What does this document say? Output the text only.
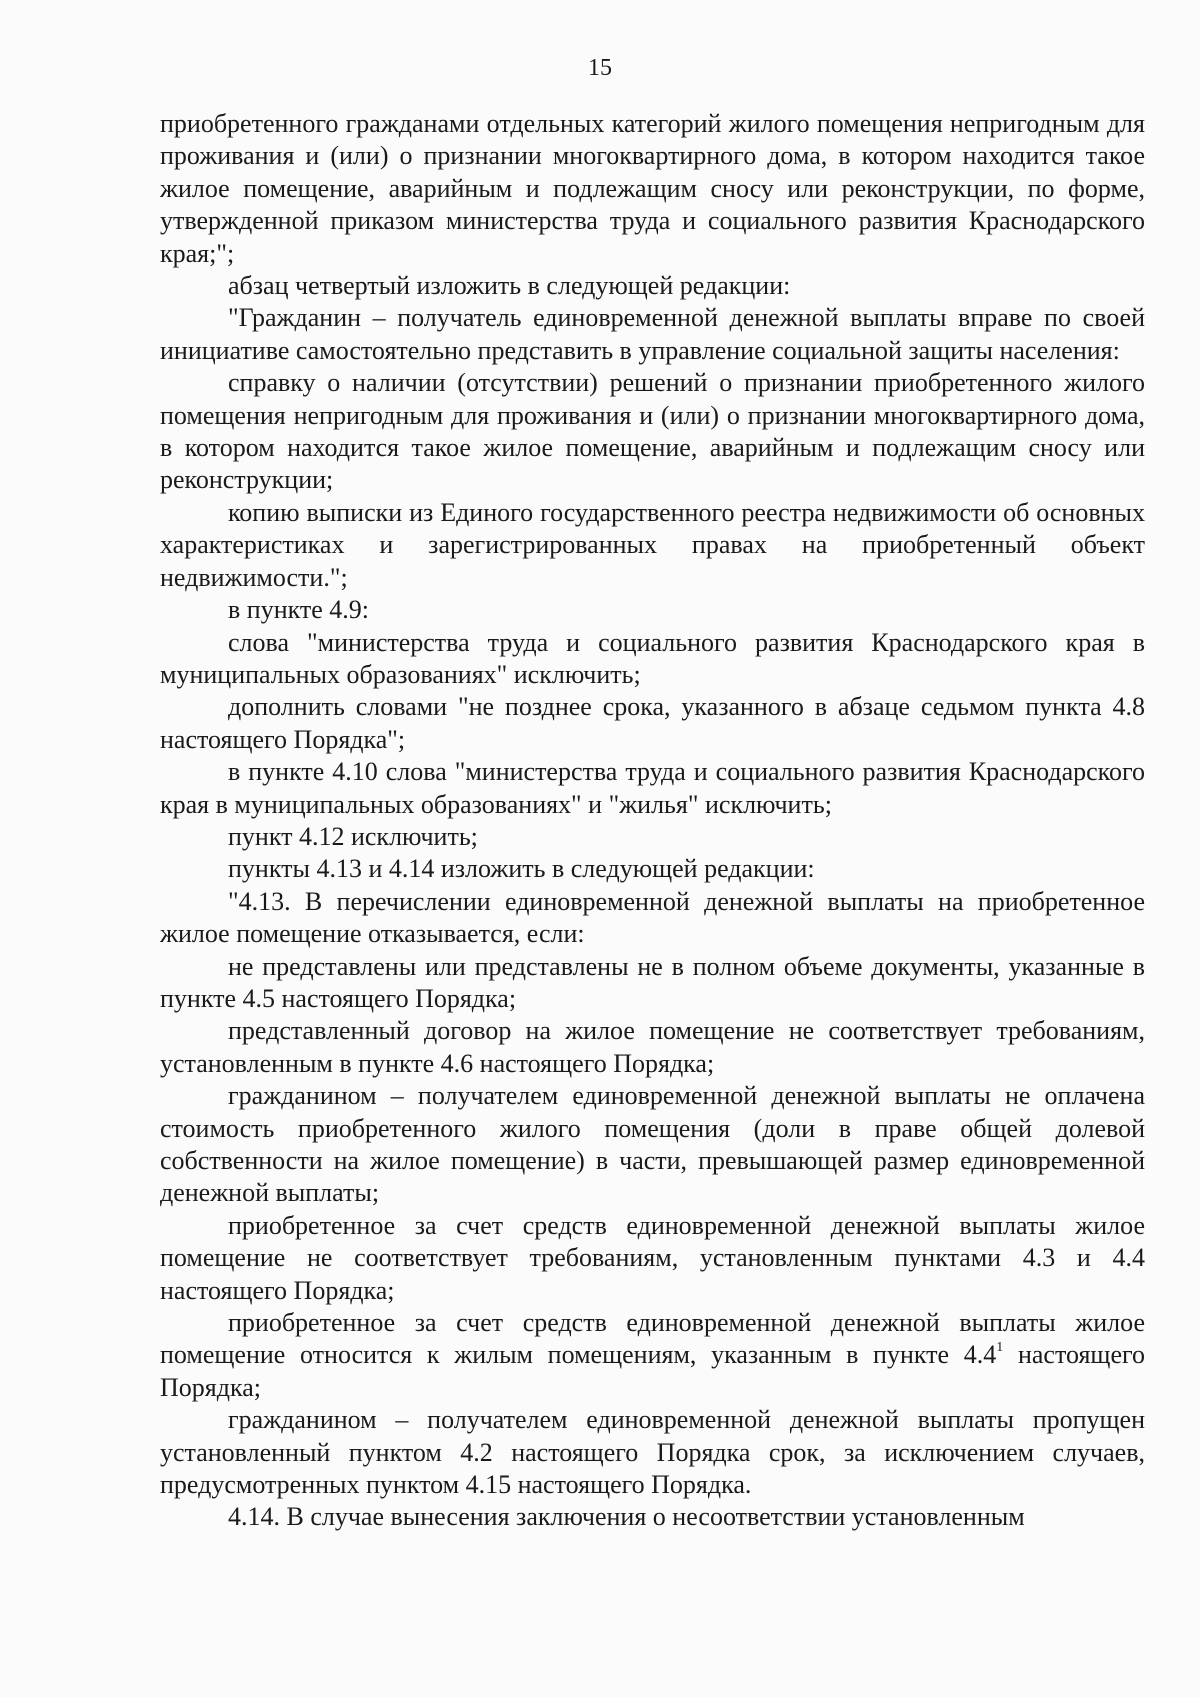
15

приобретенного гражданами отдельных категорий жилого помещения непригодным для проживания и (или) о признании многоквартирного дома, в котором находится такое жилое помещение, аварийным и подлежащим сносу или реконструкции, по форме, утвержденной приказом министерства труда и социального развития Краснодарского края;";

абзац четвертый изложить в следующей редакции:

"Гражданин – получатель единовременной денежной выплаты вправе по своей инициативе самостоятельно представить в управление социальной защиты населения:

справку о наличии (отсутствии) решений о признании приобретенного жилого помещения непригодным для проживания и (или) о признании многоквартирного дома, в котором находится такое жилое помещение, аварийным и подлежащим сносу или реконструкции;

копию выписки из Единого государственного реестра недвижимости об основных характеристиках и зарегистрированных правах на приобретенный объект недвижимости.";

в пункте 4.9:

слова "министерства труда и социального развития Краснодарского края в муниципальных образованиях" исключить;

дополнить словами "не позднее срока, указанного в абзаце седьмом пункта 4.8 настоящего Порядка";

в пункте 4.10 слова "министерства труда и социального развития Краснодарского края в муниципальных образованиях" и "жилья" исключить;

пункт 4.12 исключить;

пункты 4.13 и 4.14 изложить в следующей редакции:

"4.13. В перечислении единовременной денежной выплаты на приобретенное жилое помещение отказывается, если:

не представлены или представлены не в полном объеме документы, указанные в пункте 4.5 настоящего Порядка;

представленный договор на жилое помещение не соответствует требованиям, установленным в пункте 4.6 настоящего Порядка;

гражданином – получателем единовременной денежной выплаты не оплачена стоимость приобретенного жилого помещения (доли в праве общей долевой собственности на жилое помещение) в части, превышающей размер единовременной денежной выплаты;

приобретенное за счет средств единовременной денежной выплаты жилое помещение не соответствует требованиям, установленным пунктами 4.3 и 4.4 настоящего Порядка;

приобретенное за счет средств единовременной денежной выплаты жилое помещение относится к жилым помещениям, указанным в пункте $4.4^1$ настоящего Порядка;

гражданином – получателем единовременной денежной выплаты пропущен установленный пунктом 4.2 настоящего Порядка срок, за исключением случаев, предусмотренных пунктом 4.15 настоящего Порядка.

4.14. В случае вынесения заключения о несоответствии установленным
